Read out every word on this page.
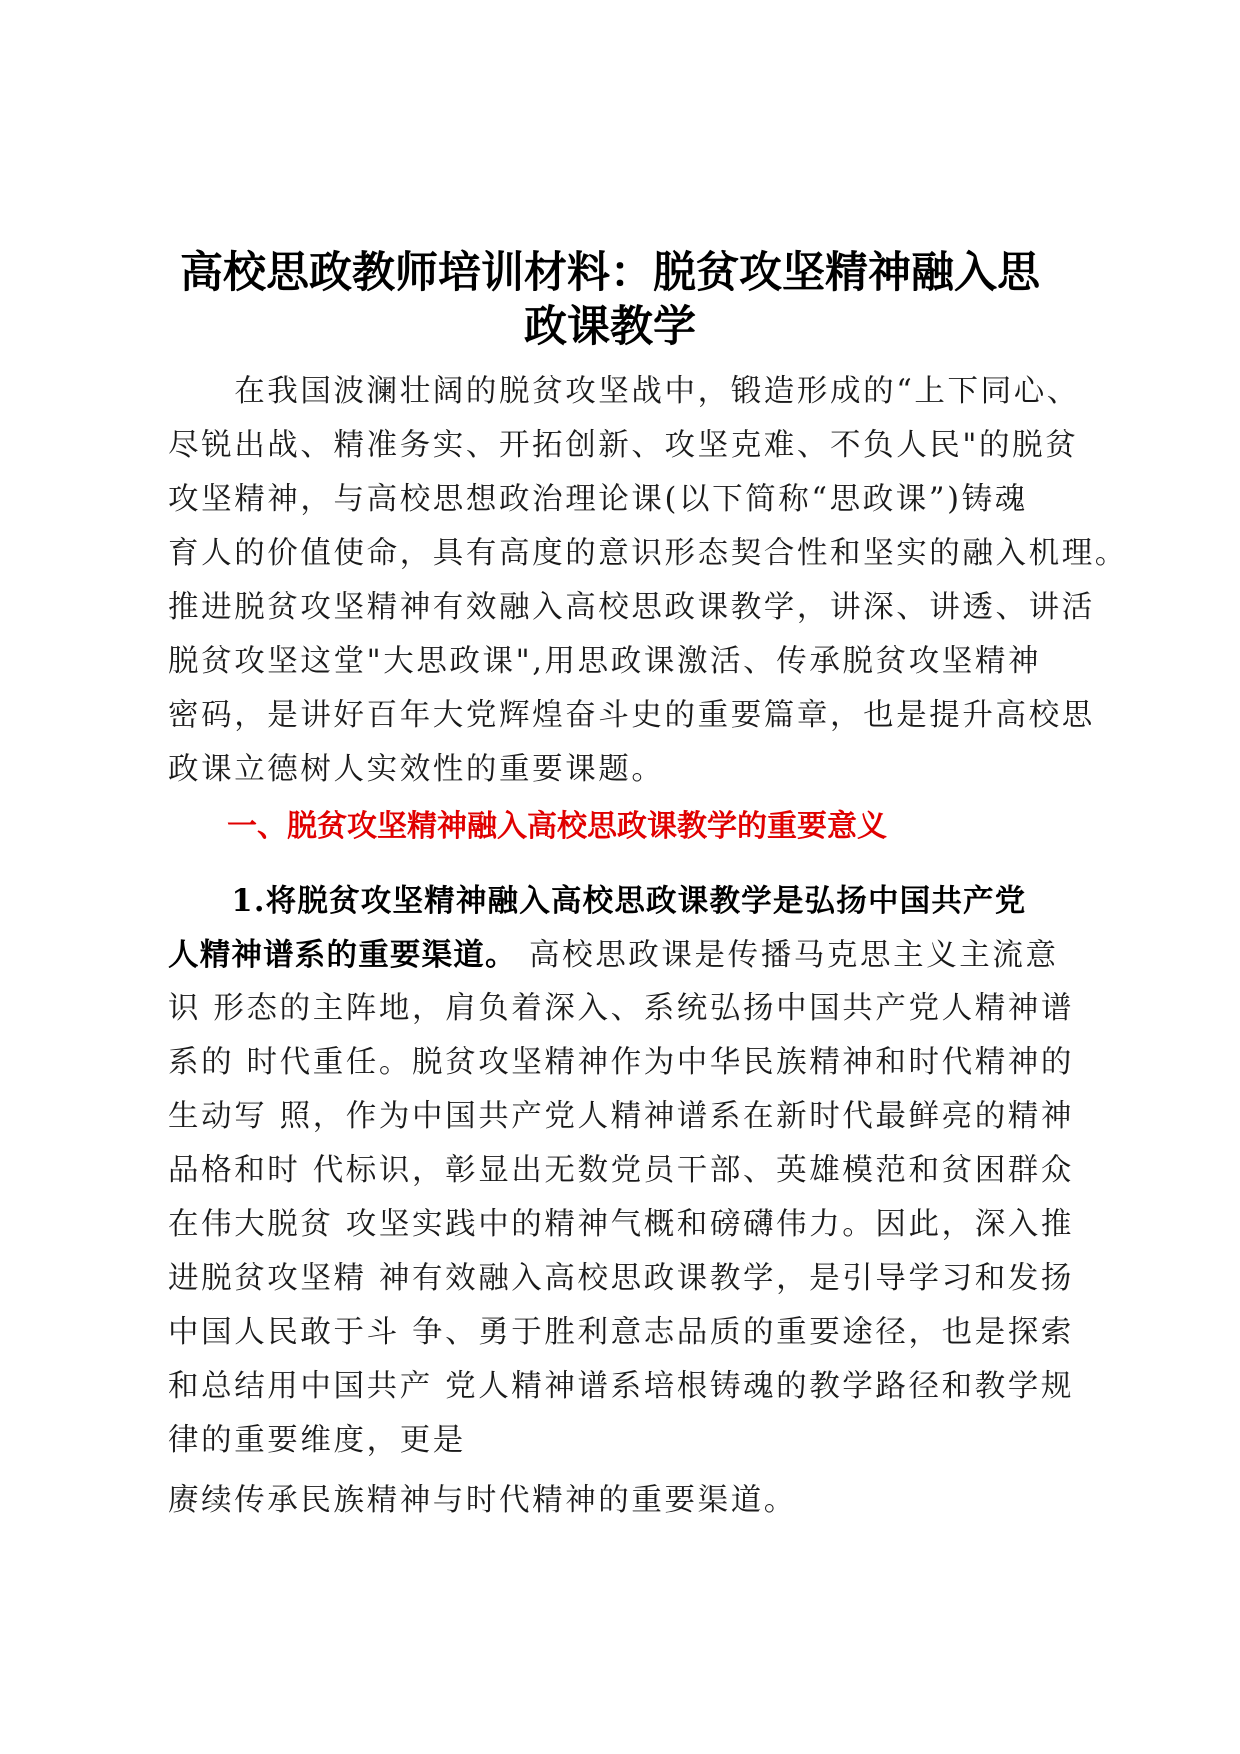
高校思政教师培训材料：脱贫攻坚精神融入思
政课教学

　　在我国波澜壮阔的脱贫攻坚战中，锻造形成的“上下同心、
尽锐出战、精准务实、开拓创新、攻坚克难、不负人民"的脱贫
攻坚精神，与高校思想政治理论课(以下简称“思政课”)铸魂
育人的价值使命，具有高度的意识形态契合性和坚实的融入机理。
推进脱贫攻坚精神有效融入高校思政课教学，讲深、讲透、讲活
脱贫攻坚这堂"大思政课",用思政课激活、传承脱贫攻坚精神
密码，是讲好百年大党辉煌奋斗史的重要篇章，也是提升高校思

政课立德树人实效性的重要课题。

一、脱贫攻坚精神融入高校思政课教学的重要意义

　　1.将脱贫攻坚精神融入高校思政课教学是弘扬中国共产党
人精神谱系的重要渠道。 高校思政课是传播马克思主义主流意
识 形态的主阵地，肩负着深入、系统弘扬中国共产党人精神谱
系的 时代重任。脱贫攻坚精神作为中华民族精神和时代精神的
生动写 照，作为中国共产党人精神谱系在新时代最鲜亮的精神
品格和时 代标识，彰显出无数党员干部、英雄模范和贫困群众
在伟大脱贫 攻坚实践中的精神气概和磅礴伟力。因此，深入推
进脱贫攻坚精 神有效融入高校思政课教学，是引导学习和发扬
中国人民敢于斗 争、勇于胜利意志品质的重要途径，也是探索
和总结用中国共产 党人精神谱系培根铸魂的教学路径和教学规
律的重要维度，更是

赓续传承民族精神与时代精神的重要渠道。
